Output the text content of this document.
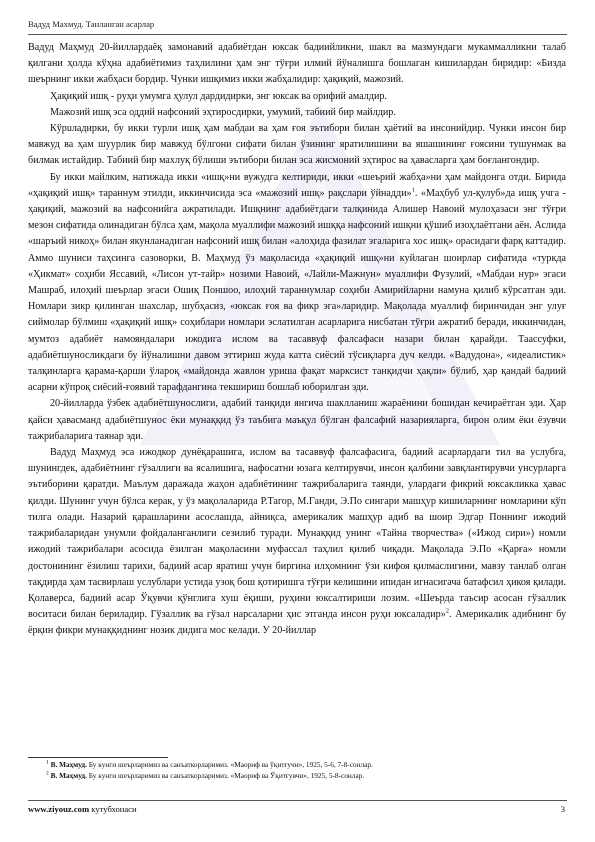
Вадуд Махмуд. Танланган асарлар

Вадуд Маҳмуд 20-йиллардаёқ замонавий адабиётдан юксак бадиийликни, шакл ва мазмундаги мукаммалликни талаб қилгани ҳолда кўҳна адабиётимиз таҳлилини ҳам энг тўғри илмий йўналишга бошлаган кишилардан биридир: «Бизда шеърнинг икки жабҳаси бордир. Чунки ишқимиз икки жабҳалидир: ҳақиқий, мажозий.

Ҳақиқий ишқ - руҳи умумга ҳулул дардидирки, энг юксак ва орифий амалдир.

Мажозий ишқ эса оддий нафсоний эҳтиросдирки, умумий, табиий бир майлдир.

Кўрuладирки, бу икки турли ишқ ҳам мабдаи ва ҳам ғоя эътибори билан ҳаётий ва инсонийдир. Чунки инсон бир мавжуд ва ҳам шуурлик бир мавжуд бўлгони сифати билан ўзининг яратилишини ва яшашининг ғоясини тушунмак ва билмак истайдир. Табиий бир махлуқ бўлиши эътибори билан эса жисмоний эҳтирос ва ҳавасларга ҳам боғлангондир.

Бу икки майлким, натижада икки «ишқ»ни вужудга келтириди, икки «шеърий жабҳа»ни ҳам майдонга отди. Бирида «ҳақиқий ишқ» тараннум этилди, иккинчисида эса «мажозий ишқ» рақслари ўйнадди»$^1$. «Маҳбуб ул-қулуб»да ишқ учга - ҳақиқий, мажозий ва нафсонийга ажратилади. Ишқнинг адабиётдаги талқинида Алишер Навоий мулоҳазаси энг тўғри мезон сифатида олинадиган бўлса ҳам, мақола муаллифи мажозий ишққа нафсоний ишқни қўшиб изоҳлаётгани аён. Аслида «шаръий никоҳ» билан якунланадиган нафсоний ишқ билан «алоҳида фазилат эгаларига хос ишқ» орасидаги фарқ каттадир. Аммо шуниси таҳсинга сазоворки, В. Маҳмуд ўз мақоласида «ҳақиқий ишқ»ни куйлаган шоирлар сифатида «туркда «Ҳикмат» соҳиби Яссавий, «Лисон ут-тайр» нозими Навоий, «Лайли-Мажнун» муаллифи Фузулий, «Мабдаи нур» эгаси Машраб, илоҳий шеърлар эгаси Ошиқ Поншоо, илоҳий тараннумлар соҳиби Амирийларни намуна қилиб кўрсатган эди. Номлари зикр қилинган шахслар, шубҳасиз, «юксак ғоя ва фикр эга»ларидир. Мақолада муаллиф биринчидан энг улуғ сиймолар бўлмиш «ҳақиқий ишқ» соҳиблари номлари эслатилган асарларига нисбатан тўғри ажратиб беради, иккинчидан, мумтоз адабиёт намояндалари ижодига ислом ва тасаввуф фалсафаси назари билан қарайди. Таассуфки, адабиётшуносликдаги бу йўналишни давом эттириш жуда катта сиёсий тўсиқларга дуч келди. «Вадудона», «идеалистик» талқинларга қарама-қарши ўлароқ «майдонда жавлон уриша фақат марксист танқидчи ҳақли» бўлиб, ҳар қандай бадиий асарни кўпроқ сиёсий-ғоявий тарафдангина текшириш бошлаб юборилган эди.

20-йилларда ўзбек адабиётшунослиги, адабий танқиди янгича шаклланиш жараёнини бошидан кечираётган эди. Ҳар қайси ҳавасманд адабиётшунос ёки мунаққид ўз таъбига маъқул бўлган фалсафий назарияларга, бирон олим ёки ёзувчи тажрибаларига таянар эди.

Вадуд Маҳмуд эса ижодкор дунёқарашига, ислом ва тасаввуф фалсафасига, бадиий асарлардаги тил ва услубга, шунингдек, адабиётнинг гўзаллиги ва ясалишига, нафосатни юзага келтирувчи, инсон қалбини завқлантирувчи унсурларга эътиборини қаратди. Маълум даражада жаҳон адабиётининг тажрибаларига таянди, улардаги фикрий юксакликка ҳавас қилди. Шунинг учун бўлса керак, у ўз мақолаларида Р.Тагор, М.Ганди, Э.По сингари машҳур кишиларнинг номларини кўп тилга олади. Назарий қарашларини асослашда, айниқса, америкалик машҳур адиб ва шоир Эдгар Поннинг ижодий тажрибаларидан унумли фойдаланганлиги сезилиб туради. Мунаққид унинг «Тайна творчества» («Ижод сири») номли ижодий тажрибалари асосида ёзилган мақоласини муфассал таҳлил қилиб чиқади. Мақолада Э.По «Қарға» номли достонининг ёзилиш тарихи, бадиий асар яратиш учун биргина илҳомнинг ўзи кифоя қилмаслигини, мавзу танлаб олган тақдирда ҳам тасвирлаш услублари устида узоқ бош қотиришга тўғри келишини ипидан игнасигача батафсил ҳикоя қилади. Қолаверса, бадиий асар Ўқувчи қўнглига хуш ёқиши, руҳини юксалтириши лозим. «Шеърда таъсир асосан гўзаллик воситаси билан бериладир. Гўзаллик ва гўзал нарсаларни ҳис этганда инсон руҳи юксаладир»$^2$. Америкалик адибнинг бу ёрқин фикри мунаққиднинг нозик дидига мос келади. У 20-йиллар

$^1$ В. Маҳмуд. Бу кунги шеърларимиз ва санъаткорларимиз. «Маориф ва ўқитғучи», 1925, 5-6, 7-8-сонлар.

$^2$ В. Маҳмуд. Бу кунги шеърларимиз ва санъаткорларимиз. «Маориф ва Ўқитғувчи», 1925, 5-8-сонлар.

www.ziyouz.com кутубхонаси	3
